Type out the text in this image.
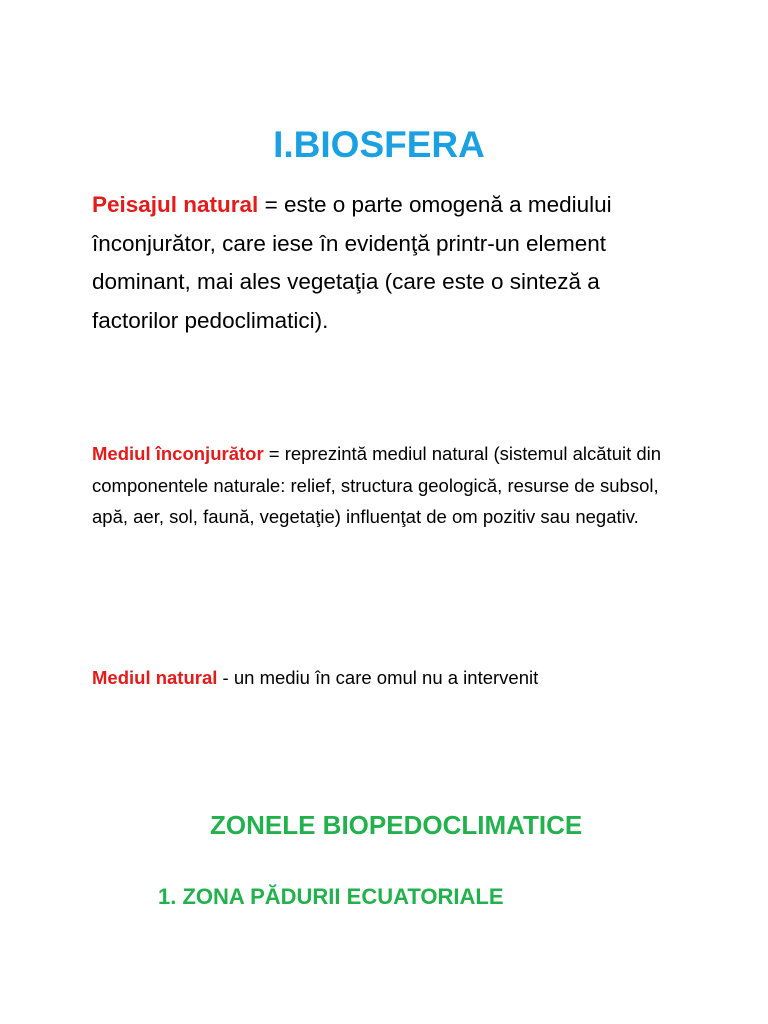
I.BIOSFERA

Peisajul natural = este o parte omogenă a mediului înconjurător, care iese în evidenţă printr-un element dominant, mai ales vegetaţia (care este o sinteză a factorilor pedoclimatici).

Mediul înconjurător = reprezintă mediul natural (sistemul alcătuit din componentele naturale: relief, structura geologică, resurse de subsol, apă, aer, sol, faună, vegetaţie) influenţat de om pozitiv sau negativ.

Mediul natural - un mediu în care omul nu a intervenit

ZONELE BIOPEDOCLIMATICE
1. ZONA PĂDURII ECUATORIALE
